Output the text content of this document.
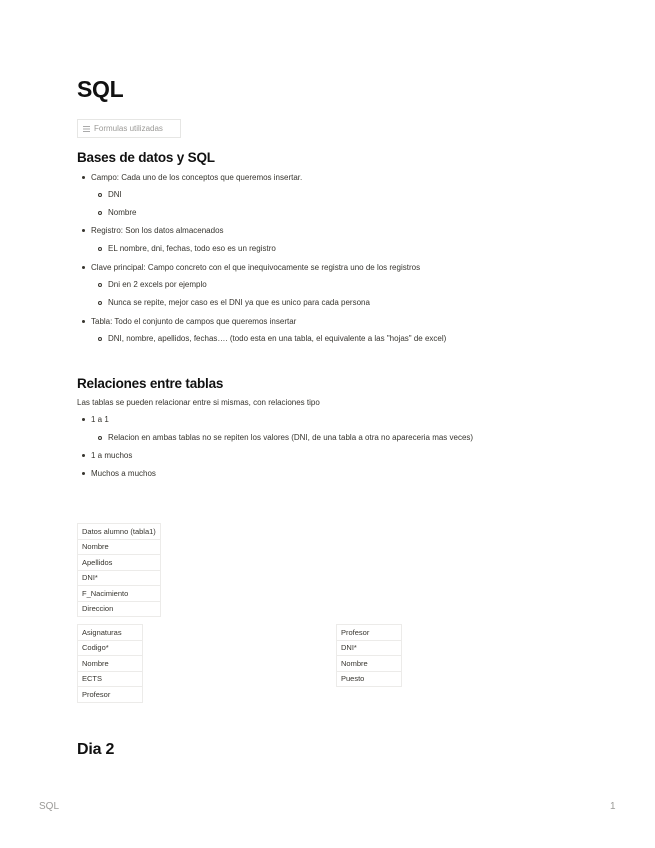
SQL
Formulas utilizadas
Bases de datos y SQL
Campo: Cada uno de los conceptos que queremos insertar.
DNI
Nombre
Registro: Son los datos almacenados
EL nombre, dni, fechas, todo eso es un registro
Clave principal: Campo concreto con el que inequivocamente se registra uno de los registros
Dni en 2 excels por ejemplo
Nunca se repite, mejor caso es el DNI ya que es unico para cada persona
Tabla: Todo el conjunto de campos que queremos insertar
DNI, nombre, apellidos, fechas…. (todo esta en una tabla, el equivalente a las "hojas" de excel)
Relaciones entre tablas
Las tablas se pueden relacionar entre si mismas, con relaciones tipo
1 a 1
Relacion en ambas tablas no se repiten los valores (DNI, de una tabla a otra no apareceria mas veces)
1 a muchos
Muchos a muchos
Datos alumno (tabla1)
Nombre
Apellidos
DNI*
F_Nacimiento
Direccion
Asignaturas
Codigo*
Nombre
ECTS
Profesor
Profesor
DNI*
Nombre
Puesto
Dia 2
SQL	1
